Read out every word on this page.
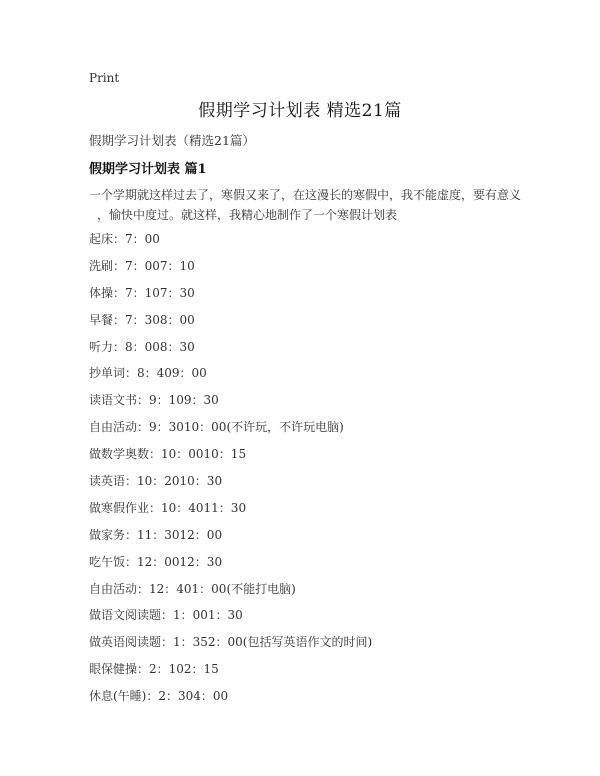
Print
假期学习计划表 精选21篇
假期学习计划表（精选21篇）
假期学习计划表 篇1
一个学期就这样过去了，寒假又来了，在这漫长的寒假中，我不能虚度，要有意义
，愉快中度过。就这样，我精心地制作了一个寒假计划表
起床：7：00
洗刷：7：007：10
体操：7：107：30
早餐：7：308：00
听力：8：008：30
抄单词：8：409：00
读语文书：9：109：30
自由活动：9：3010：00(不许玩，不许玩电脑)
做数学奥数：10：0010：15
读英语：10：2010：30
做寒假作业：10：4011：30
做家务：11：3012：00
吃午饭：12：0012：30
自由活动：12：401：00(不能打电脑)
做语文阅读题：1：001：30
做英语阅读题：1：352：00(包括写英语作文的时间)
眼保健操：2：102：15
休息(午睡)：2：304：00
